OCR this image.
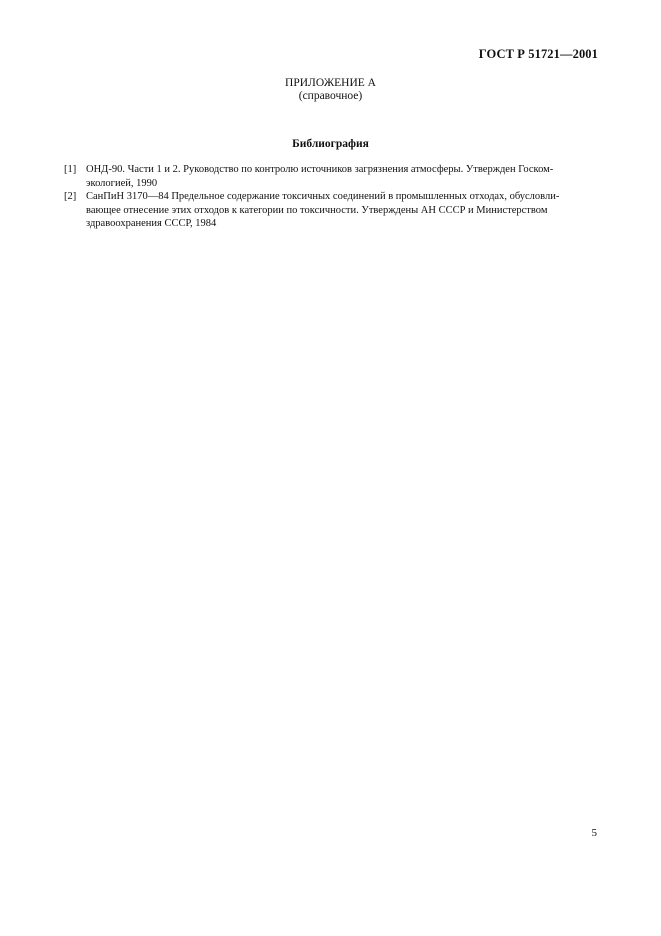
ГОСТ Р 51721—2001
ПРИЛОЖЕНИЕ А
(справочное)
Библиография
[1] ОНД-90. Части 1 и 2. Руководство по контролю источников загрязнения атмосферы. Утвержден Госком-
экологией, 1990
[2] СанПиН 3170—84 Предельное содержание токсичных соединений в промышленных отходах, обусловли-
вающее отнесение этих отходов к категории по токсичности. Утверждены АН СССР и Министерством
здравоохранения СССР, 1984
5
